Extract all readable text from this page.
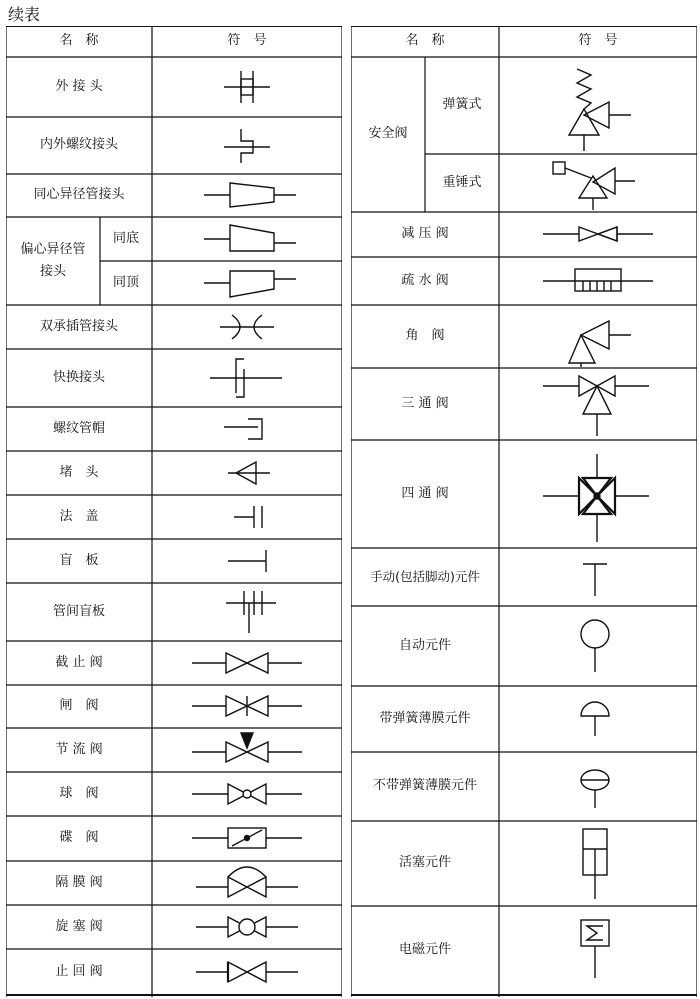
续表
名　称	符　号
外 接 头
内外螺纹接头
同心异径管接头
偏心异径管接头
同底
同顶
双承插管接头
快换接头
螺纹管帽
堵　头
法　盖
盲　板
管间盲板
截 止 阀
闸　阀
节 流 阀
球　阀
碟　阀
隔 膜 阀
旋 塞 阀
止 回 阀
名　称	符　号
安全阀
弹簧式
重锤式
减 压 阀
疏 水 阀
角　阀
三 通 阀
四 通 阀
手动(包括脚动)元件
自动元件
带弹簧薄膜元件
不带弹簧薄膜元件
活塞元件
电磁元件
